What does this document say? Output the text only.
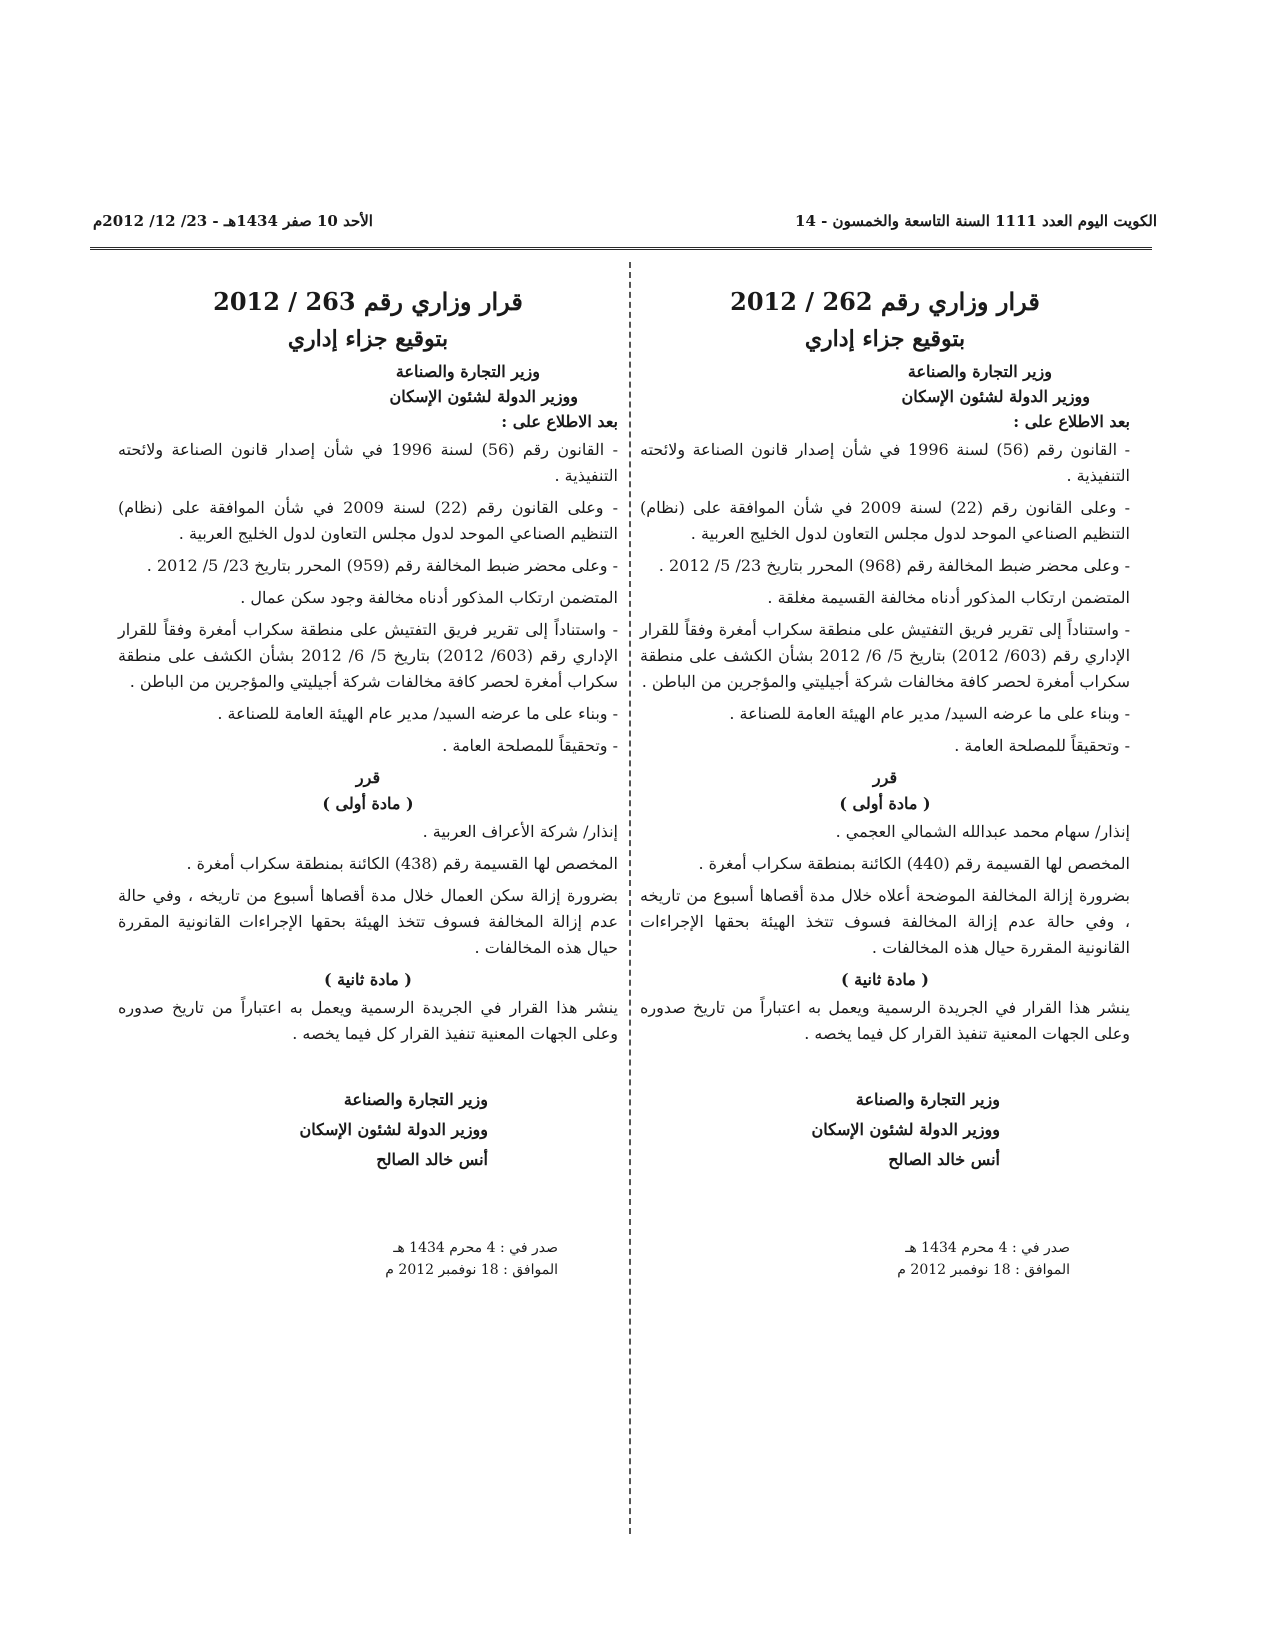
الكويت اليوم العدد 1111 السنة التاسعة والخمسون - 14
الأحد 10 صفر 1434هـ - 23/ 12/ 2012م
قرار وزاري رقم 262 / 2012
بتوقيع جزاء إداري
وزير التجارة والصناعة
ووزير الدولة لشئون الإسكان
بعد الاطلاع على :
- القانون رقم (56) لسنة 1996 في شأن إصدار قانون الصناعة ولائحته التنفيذية .
- وعلى القانون رقم (22) لسنة 2009 في شأن الموافقة على (نظام) التنظيم الصناعي الموحد لدول مجلس التعاون لدول الخليج العربية .
- وعلى محضر ضبط المخالفة رقم (968) المحرر بتاريخ 23/ 5/ 2012 .
المتضمن ارتكاب المذكور أدناه مخالفة القسيمة مغلقة .
- واستناداً إلى تقرير فريق التفتيش على منطقة سكراب أمغرة وفقاً للقرار الإداري رقم (603/ 2012) بتاريخ 5/ 6/ 2012 بشأن الكشف على منطقة سكراب أمغرة لحصر كافة مخالفات شركة أجيليتي والمؤجرين من الباطن .
- وبناء على ما عرضه السيد/ مدير عام الهيئة العامة للصناعة .
- وتحقيقاً للمصلحة العامة .
قرر
( مادة أولى )
إنذار/ سهام محمد عبدالله الشمالي العجمي .
المخصص لها القسيمة رقم (440) الكائنة بمنطقة سكراب أمغرة .
بضرورة إزالة المخالفة الموضحة أعلاه خلال مدة أقصاها أسبوع من تاريخه ، وفي حالة عدم إزالة المخالفة فسوف تتخذ الهيئة بحقها الإجراءات القانونية المقررة حيال هذه المخالفات .
( مادة ثانية )
ينشر هذا القرار في الجريدة الرسمية ويعمل به اعتباراً من تاريخ صدوره وعلى الجهات المعنية تنفيذ القرار كل فيما يخصه .
وزير التجارة والصناعة
ووزير الدولة لشئون الإسكان
أنس خالد الصالح
صدر في : 4 محرم 1434 هـ
الموافق : 18 نوفمبر 2012 م
قرار وزاري رقم 263 / 2012
بتوقيع جزاء إداري
وزير التجارة والصناعة
ووزير الدولة لشئون الإسكان
بعد الاطلاع على :
- القانون رقم (56) لسنة 1996 في شأن إصدار قانون الصناعة ولائحته التنفيذية .
- وعلى القانون رقم (22) لسنة 2009 في شأن الموافقة على (نظام) التنظيم الصناعي الموحد لدول مجلس التعاون لدول الخليج العربية .
- وعلى محضر ضبط المخالفة رقم (959) المحرر بتاريخ 23/ 5/ 2012 .
المتضمن ارتكاب المذكور أدناه مخالفة وجود سكن عمال .
- واستناداً إلى تقرير فريق التفتيش على منطقة سكراب أمغرة وفقاً للقرار الإداري رقم (603/ 2012) بتاريخ 5/ 6/ 2012 بشأن الكشف على منطقة سكراب أمغرة لحصر كافة مخالفات شركة أجيليتي والمؤجرين من الباطن .
- وبناء على ما عرضه السيد/ مدير عام الهيئة العامة للصناعة .
- وتحقيقاً للمصلحة العامة .
قرر
( مادة أولى )
إنذار/ شركة الأعراف العربية .
المخصص لها القسيمة رقم (438) الكائنة بمنطقة سكراب أمغرة .
بضرورة إزالة سكن العمال خلال مدة أقصاها أسبوع من تاريخه ، وفي حالة عدم إزالة المخالفة فسوف تتخذ الهيئة بحقها الإجراءات القانونية المقررة حيال هذه المخالفات .
( مادة ثانية )
ينشر هذا القرار في الجريدة الرسمية ويعمل به اعتباراً من تاريخ صدوره وعلى الجهات المعنية تنفيذ القرار كل فيما يخصه .
وزير التجارة والصناعة
ووزير الدولة لشئون الإسكان
أنس خالد الصالح
صدر في : 4 محرم 1434 هـ
الموافق : 18 نوفمبر 2012 م
